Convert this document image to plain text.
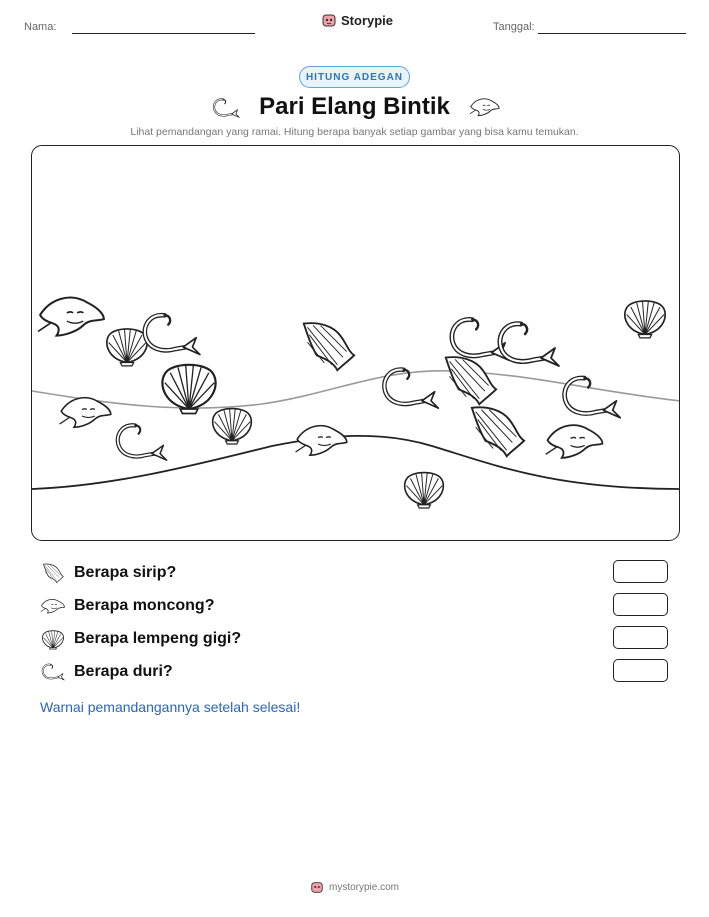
Nama:	Storypie	Tanggal:
HITUNG ADEGAN
Pari Elang Bintik
Lihat pemandangan yang ramai. Hitung berapa banyak setiap gambar yang bisa kamu temukan.
Berapa sirip?
Berapa moncong?
Berapa lempeng gigi?
Berapa duri?
Warnai pemandangannya setelah selesai!
mystorypie.com
